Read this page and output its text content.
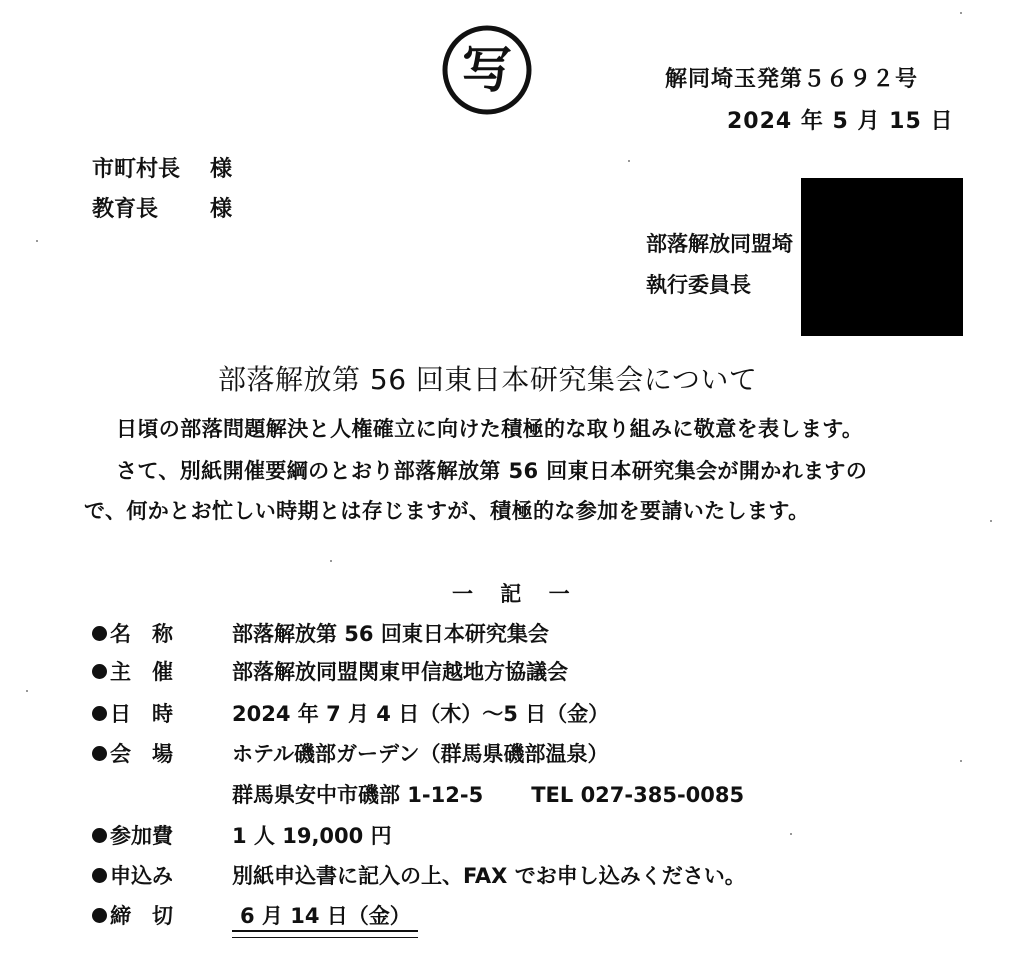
写	解同埼玉発第５６９２号
2024 年 5 月 15 日
市町村長 様
教育長 様
部落解放同盟埼
執行委員長
部落解放第 56 回東日本研究集会について
日頃の部落問題解決と人権確立に向けた積極的な取り組みに敬意を表します。
さて、別紙開催要綱のとおり部落解放第 56 回東日本研究集会が開かれますの
で、何かとお忙しい時期とは存じますが、積極的な参加を要請いたします。
一 記 一
名　称	部落解放第 56 回東日本研究集会
主　催	部落解放同盟関東甲信越地方協議会
日　時	2024 年 7 月 4 日（木）～5 日（金）
会　場	ホテル磯部ガーデン（群馬県磯部温泉）
群馬県安中市磯部 1-12-5 TEL 027-385-0085
参加費	1 人 19,000 円
申込み	別紙申込書に記入の上、FAX でお申し込みください。
締　切	6 月 14 日（金）
